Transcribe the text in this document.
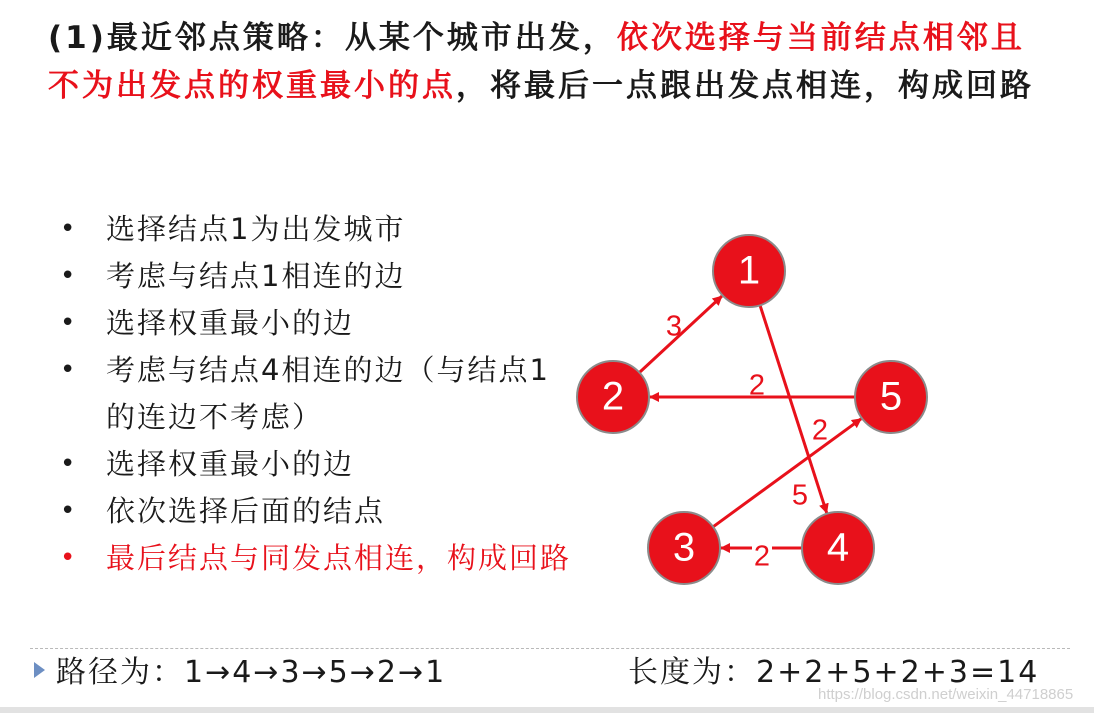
(1)最近邻点策略：从某个城市出发，依次选择与当前结点相邻且不为出发点的权重最小的点，将最后一点跟出发点相连，构成回路

• 选择结点1为出发城市
• 考虑与结点1相连的边
• 选择权重最小的边
• 考虑与结点4相连的边（与结点1的连边不考虑）
• 选择权重最小的边
• 依次选择后面的结点
• 最后结点与同发点相连，构成回路
3
2
2
5
2
1
2	5
3	4
路径为：1→4→3→5→2→1	长度为：2+2+5+2+3=14
https://blog.csdn.net/weixin_44718865
